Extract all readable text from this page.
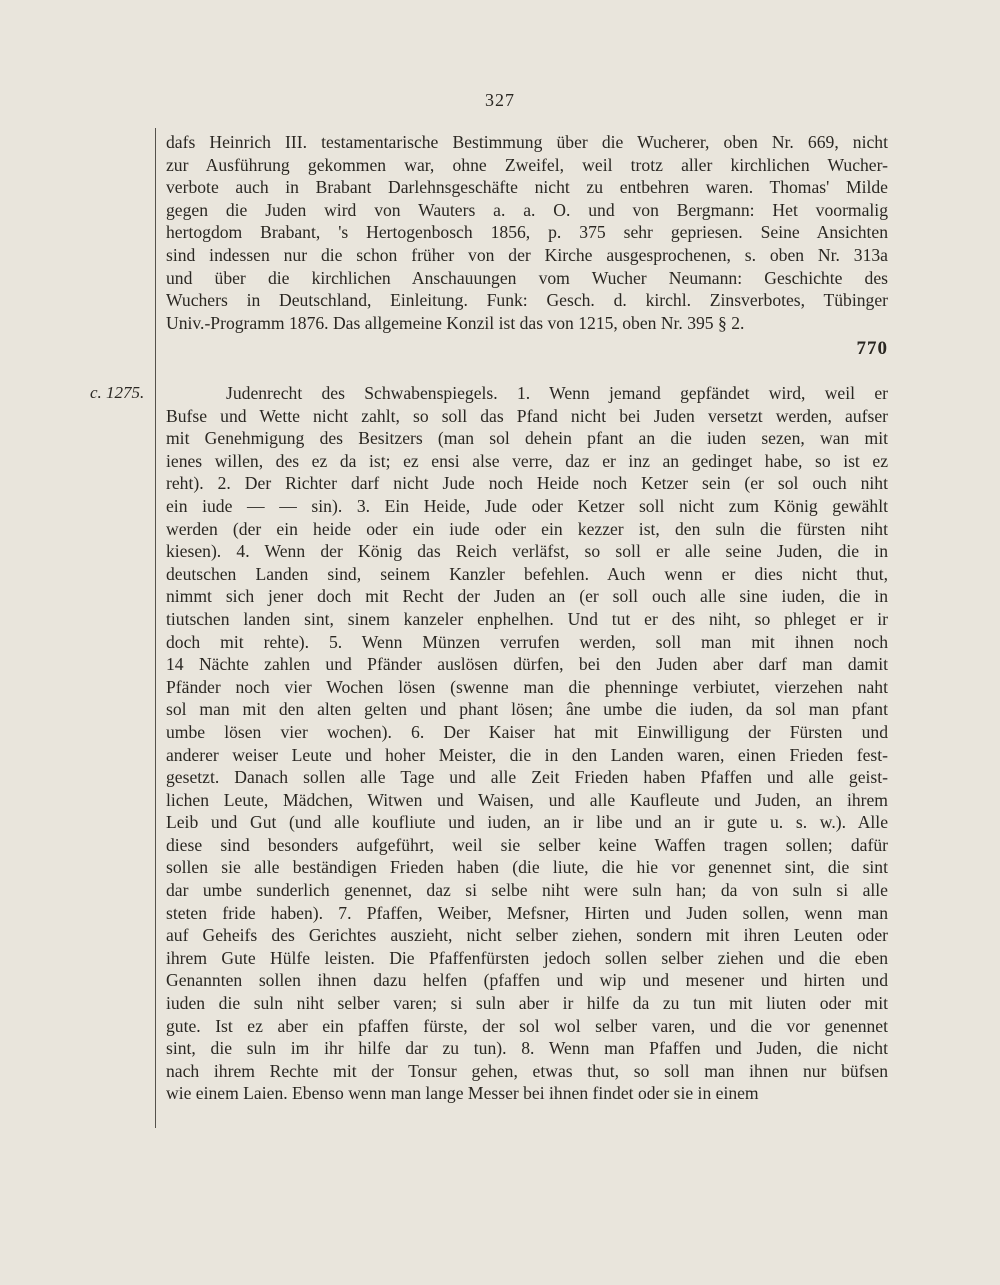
327
dafs Heinrich III. testamentarische Bestimmung über die Wucherer, oben Nr. 669, nicht
zur Ausführung gekommen war, ohne Zweifel, weil trotz aller kirchlichen Wucher-
verbote auch in Brabant Darlehnsgeschäfte nicht zu entbehren waren. Thomas' Milde
gegen die Juden wird von Wauters a. a. O. und von Bergmann: Het voormalig
hertogdom Brabant, 's Hertogenbosch 1856, p. 375 sehr gepriesen. Seine Ansichten
sind indessen nur die schon früher von der Kirche ausgesprochenen, s. oben Nr. 313a
und über die kirchlichen Anschauungen vom Wucher Neumann: Geschichte des
Wuchers in Deutschland, Einleitung. Funk: Gesch. d. kirchl. Zinsverbotes, Tübinger
Univ.-Programm 1876. Das allgemeine Konzil ist das von 1215, oben Nr. 395 § 2.
770
c. 1275.	Judenrecht des Schwabenspiegels. 1. Wenn jemand gepfändet wird, weil er
Bufse und Wette nicht zahlt, so soll das Pfand nicht bei Juden versetzt werden, aufser
mit Genehmigung des Besitzers (man sol dehein pfant an die iuden sezen, wan mit
ienes willen, des ez da ist; ez ensi alse verre, daz er inz an gedinget habe, so ist ez
reht). 2. Der Richter darf nicht Jude noch Heide noch Ketzer sein (er sol ouch niht
ein iude — — sin). 3. Ein Heide, Jude oder Ketzer soll nicht zum König gewählt
werden (der ein heide oder ein iude oder ein kezzer ist, den suln die fürsten niht
kiesen). 4. Wenn der König das Reich verläfst, so soll er alle seine Juden, die in
deutschen Landen sind, seinem Kanzler befehlen. Auch wenn er dies nicht thut,
nimmt sich jener doch mit Recht der Juden an (er soll ouch alle sine iuden, die in
tiutschen landen sint, sinem kanzeler enphelhen. Und tut er des niht, so phleget er ir
doch mit rehte). 5. Wenn Münzen verrufen werden, soll man mit ihnen noch
14 Nächte zahlen und Pfänder auslösen dürfen, bei den Juden aber darf man damit
Pfänder noch vier Wochen lösen (swenne man die phenninge verbiutet, vierzehen naht
sol man mit den alten gelten und phant lösen; âne umbe die iuden, da sol man pfant
umbe lösen vier wochen). 6. Der Kaiser hat mit Einwilligung der Fürsten und
anderer weiser Leute und hoher Meister, die in den Landen waren, einen Frieden fest-
gesetzt. Danach sollen alle Tage und alle Zeit Frieden haben Pfaffen und alle geist-
lichen Leute, Mädchen, Witwen und Waisen, und alle Kaufleute und Juden, an ihrem
Leib und Gut (und alle koufliute und iuden, an ir libe und an ir gute u. s. w.). Alle
diese sind besonders aufgeführt, weil sie selber keine Waffen tragen sollen; dafür
sollen sie alle beständigen Frieden haben (die liute, die hie vor genennet sint, die sint
dar umbe sunderlich genennet, daz si selbe niht were suln han; da von suln si alle
steten fride haben). 7. Pfaffen, Weiber, Mefsner, Hirten und Juden sollen, wenn man
auf Geheifs des Gerichtes auszieht, nicht selber ziehen, sondern mit ihren Leuten oder
ihrem Gute Hülfe leisten. Die Pfaffenfürsten jedoch sollen selber ziehen und die eben
Genannten sollen ihnen dazu helfen (pfaffen und wip und mesener und hirten und
iuden die suln niht selber varen; si suln aber ir hilfe da zu tun mit liuten oder mit
gute. Ist ez aber ein pfaffen fürste, der sol wol selber varen, und die vor genennet
sint, die suln im ihr hilfe dar zu tun). 8. Wenn man Pfaffen und Juden, die nicht
nach ihrem Rechte mit der Tonsur gehen, etwas thut, so soll man ihnen nur büfsen
wie einem Laien. Ebenso wenn man lange Messer bei ihnen findet oder sie in einem
